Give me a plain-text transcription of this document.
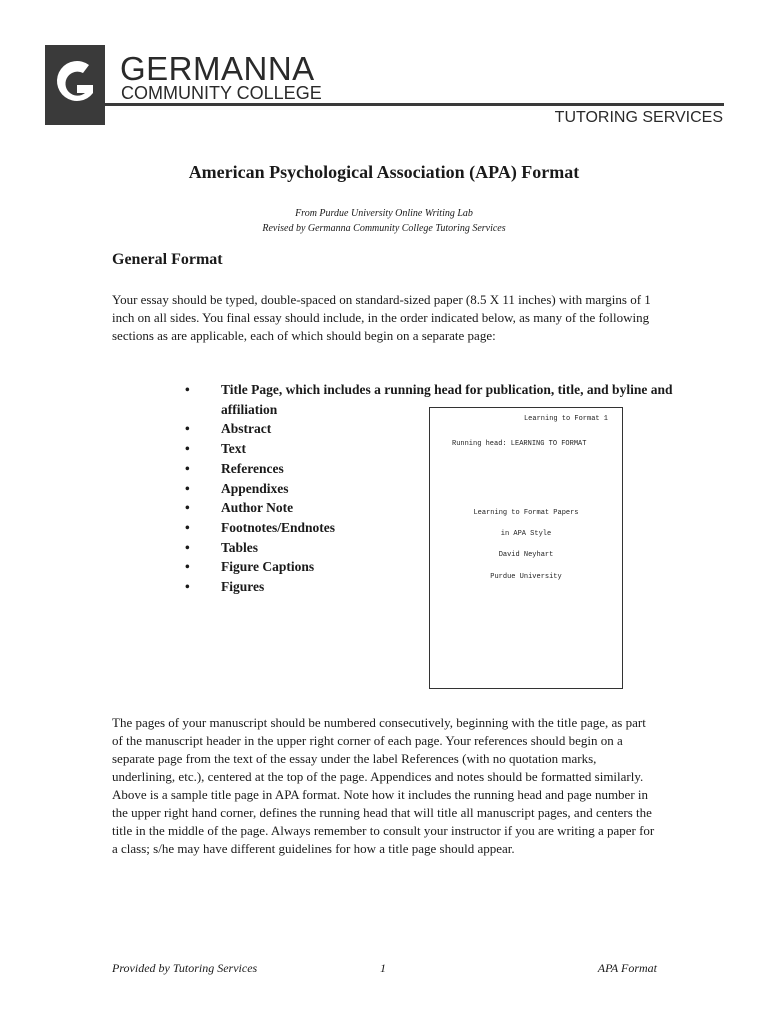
GERMANNA
COMMUNITY COLLEGE
TUTORING SERVICES
American Psychological Association (APA) Format
From Purdue University Online Writing Lab
Revised by Germanna Community College Tutoring Services
General Format
Your essay should be typed, double-spaced on standard-sized paper (8.5 X 11 inches) with margins of 1 inch on all sides. You final essay should include, in the order indicated below, as many of the following sections as are applicable, each of which should begin on a separate page:
• Title Page, which includes a running head for publication, title, and byline and affiliation
• Abstract
• Text
• References
• Appendixes
• Author Note
• Footnotes/Endnotes
• Tables
• Figure Captions
• Figures
Learning to Format 1
Running head: LEARNING TO FORMAT
Learning to Format Papers
in APA Style
David Neyhart
Purdue University
The pages of your manuscript should be numbered consecutively, beginning with the title page, as part of the manuscript header in the upper right corner of each page. Your references should begin on a separate page from the text of the essay under the label References (with no quotation marks, underlining, etc.), centered at the top of the page. Appendices and notes should be formatted similarly. Above is a sample title page in APA format. Note how it includes the running head and page number in the upper right hand corner, defines the running head that will title all manuscript pages, and centers the title in the middle of the page. Always remember to consult your instructor if you are writing a paper for a class; s/he may have different guidelines for how a title page should appear.
Provided by Tutoring Services	1	APA Format
